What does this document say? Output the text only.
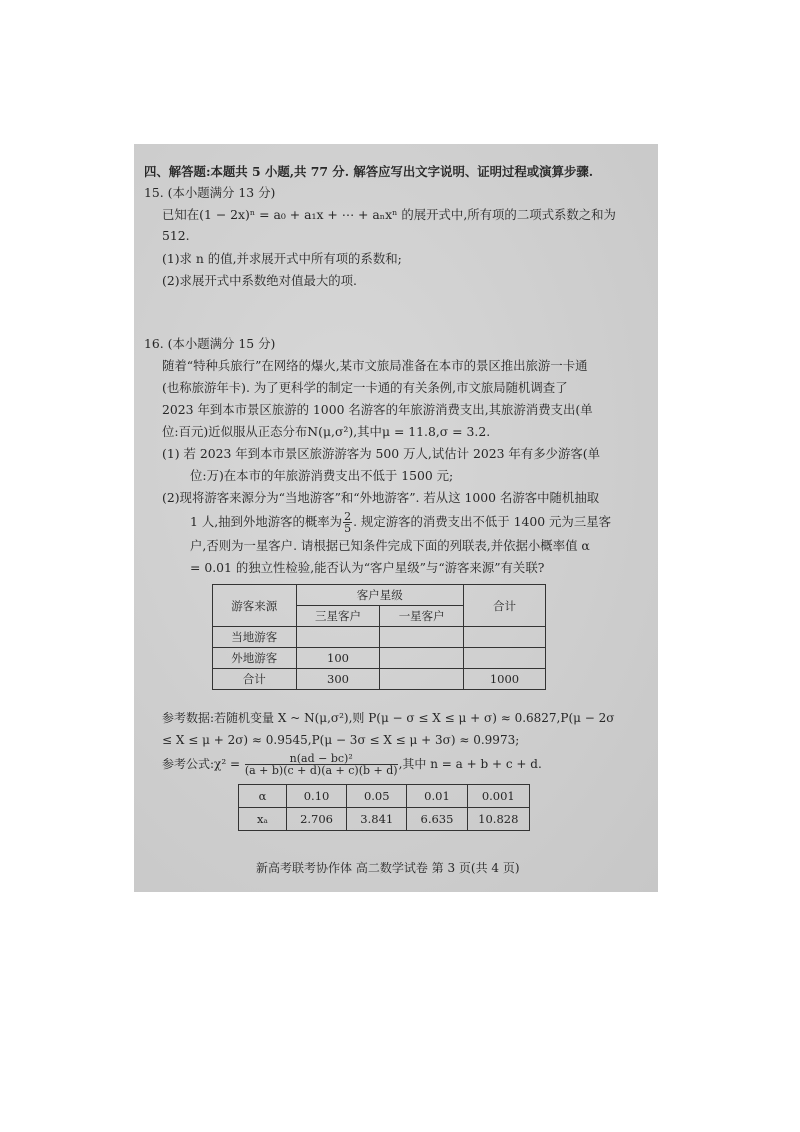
四、解答题:本题共 5 小题,共 77 分. 解答应写出文字说明、证明过程或演算步骤.
15. (本小题满分 13 分)
已知在(1 − 2x)ⁿ = a₀ + a₁x + ⋯ + aₙxⁿ 的展开式中,所有项的二项式系数之和为
512.
(1)求 n 的值,并求展开式中所有项的系数和;
(2)求展开式中系数绝对值最大的项.
16. (本小题满分 15 分)
随着“特种兵旅行”在网络的爆火,某市文旅局准备在本市的景区推出旅游一卡通
(也称旅游年卡). 为了更科学的制定一卡通的有关条例,市文旅局随机调查了
2023 年到本市景区旅游的 1000 名游客的年旅游消费支出,其旅游消费支出(单
位:百元)近似服从正态分布N(μ,σ²),其中μ = 11.8,σ = 3.2.
(1) 若 2023 年到本市景区旅游游客为 500 万人,试估计 2023 年有多少游客(单
位:万)在本市的年旅游消费支出不低于 1500 元;
(2)现将游客来源分为“当地游客”和“外地游客”. 若从这 1000 名游客中随机抽取
1 人,抽到外地游客的概率为 $\frac{2}{5}$ . 规定游客的消费支出不低于 1400 元为三星客
户,否则为一星客户. 请根据已知条件完成下面的列联表,并依据小概率值 α
= 0.01 的独立性检验,能否认为“客户星级”与“游客来源”有关联?
游客来源	客户星级		合计
	三星客户	一星客户	
当地游客			
外地游客	100		
合计	300		1000
参考数据:若随机变量 X ~ N(μ,σ²),则 P(μ − σ ≤ X ≤ μ + σ) ≈ 0.6827,P(μ − 2σ
≤ X ≤ μ + 2σ) ≈ 0.9545,P(μ − 3σ ≤ X ≤ μ + 3σ) ≈ 0.9973;
参考公式:χ² = $\frac{\text{n(ad − bc)²}}{(a + b)(c + d)(a + c)(b + d)}$ ,其中 n = a + b + c + d.
α	0.10	0.05	0.01	0.001
xₐ	2.706	3.841	6.635	10.828
新高考联考协作体 高二数学试卷 第 3 页(共 4 页)
